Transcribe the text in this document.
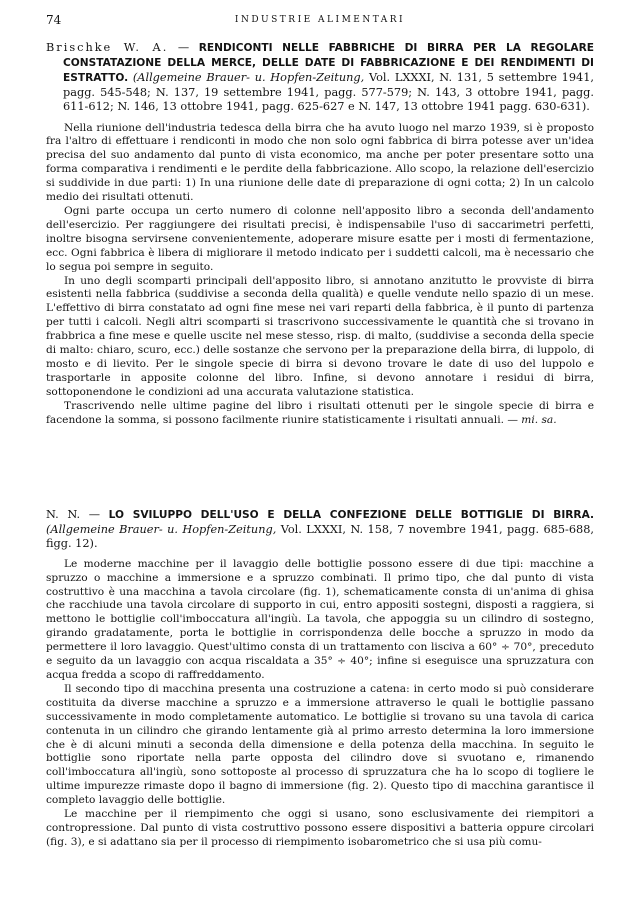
74	INDUSTRIE ALIMENTARI

Brischke W. A. — RENDICONTI NELLE FABBRICHE DI BIRRA PER LA REGOLARE CONSTATAZIONE DELLA MERCE, DELLE DATE DI FABBRICAZIONE E DEI RENDIMENTI DI ESTRATTO. (Allgemeine Brauer- u. Hopfen-Zeitung, Vol. LXXXI, N. 131, 5 settembre 1941, pagg. 545-548; N. 137, 19 settembre 1941, pagg. 577-579; N. 143, 3 ottobre 1941, pagg. 611-612; N. 146, 13 ottobre 1941, pagg. 625-627 e N. 147, 13 ottobre 1941 pagg. 630-631).

Nella riunione dell'industria tedesca della birra che ha avuto luogo nel marzo 1939, si è proposto fra l'altro di effettuare i rendiconti in modo che non solo ogni fabbrica di birra potesse aver un'idea precisa del suo andamento dal punto di vista economico, ma anche per poter presentare sotto una forma comparativa i rendimenti e le perdite della fabbricazione. Allo scopo, la relazione dell'esercizio si suddivide in due parti: 1) In una riunione delle date di preparazione di ogni cotta; 2) In un calcolo medio dei risultati ottenuti.

Ogni parte occupa un certo numero di colonne nell'apposito libro a seconda dell'andamento dell'esercizio. Per raggiungere dei risultati precisi, è indispensabile l'uso di saccarimetri perfetti, inoltre bisogna servirsene convenientemente, adoperare misure esatte per i mosti di fermentazione, ecc. Ogni fabbrica è libera di migliorare il metodo indicato per i suddetti calcoli, ma è necessario che lo segua poi sempre in seguito.

In uno degli scomparti principali dell'apposito libro, si annotano anzitutto le provviste di birra esistenti nella fabbrica (suddivise a seconda della qualità) e quelle vendute nello spazio di un mese. L'effettivo di birra constatato ad ogni fine mese nei vari reparti della fabbrica, è il punto di partenza per tutti i calcoli. Negli altri scomparti si trascrivono successivamente le quantità che si trovano in frabbrica a fine mese e quelle uscite nel mese stesso, risp. di malto, (suddivise a seconda della specie di malto: chiaro, scuro, ecc.) delle sostanze che servono per la preparazione della birra, di luppolo, di mosto e di lievito. Per le singole specie di birra si devono trovare le date di uso del luppolo e trasportarle in apposite colonne del libro. Infine, si devono annotare i residui di birra, sottoponendone le condizioni ad una accurata valutazione statistica.

Trascrivendo nelle ultime pagine del libro i risultati ottenuti per le singole specie di birra e facendone la somma, si possono facilmente riunire statisticamente i risultati annuali. — mi. sa.

N. N. — LO SVILUPPO DELL'USO E DELLA CONFEZIONE DELLE BOTTIGLIE DI BIRRA. (Allgemeine Brauer- u. Hopfen-Zeitung, Vol. LXXXI, N. 158, 7 novembre 1941, pagg. 685-688, figg. 12).

Le moderne macchine per il lavaggio delle bottiglie possono essere di due tipi: macchine a spruzzo o macchine a immersione e a spruzzo combinati. Il primo tipo, che dal punto di vista costruttivo è una macchina a tavola circolare (fig. 1), schematicamente consta di un'anima di ghisa che racchiude una tavola circolare di supporto in cui, entro appositi sostegni, disposti a raggiera, si mettono le bottiglie coll'imboccatura all'ingiù. La tavola, che appoggia su un cilindro di sostegno, girando gradatamente, porta le bottiglie in corrispondenza delle bocche a spruzzo in modo da permettere il loro lavaggio. Quest'ultimo consta di un trattamento con lisciva a 60° ÷ 70°, preceduto e seguito da un lavaggio con acqua riscaldata a 35° ÷ 40°; infine si eseguisce una spruzzatura con acqua fredda a scopo di raffreddamento.

Il secondo tipo di macchina presenta una costruzione a catena: in certo modo si può considerare costituita da diverse macchine a spruzzo e a immersione attraverso le quali le bottiglie passano successivamente in modo completamente automatico. Le bottiglie si trovano su una tavola di carica contenuta in un cilindro che girando lentamente già al primo arresto determina la loro immersione che è di alcuni minuti a seconda della dimensione e della potenza della macchina. In seguito le bottiglie sono riportate nella parte opposta del cilindro dove si svuotano e, rimanendo coll'imboccatura all'ingiù, sono sottoposte al processo di spruzzatura che ha lo scopo di togliere le ultime impurezze rimaste dopo il bagno di immersione (fig. 2). Questo tipo di macchina garantisce il completo lavaggio delle bottiglie.

Le macchine per il riempimento che oggi si usano, sono esclusivamente dei riempitori a contropressione. Dal punto di vista costruttivo possono essere dispositivi a batteria oppure circolari (fig. 3), e si adattano sia per il processo di riempimento isobarometrico che si usa più comu-
